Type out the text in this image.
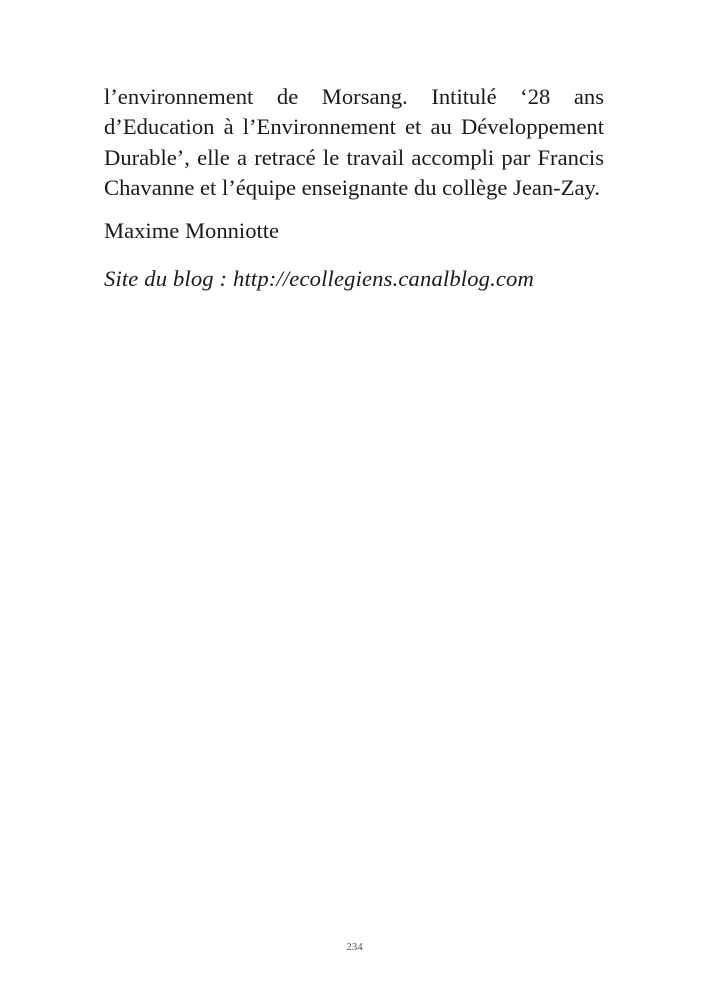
l’environnement de Morsang. Intitulé ‘28 ans d’Education à l’Environnement et au Développement Durable’, elle a retracé le travail accompli par Francis Chavanne et l’équipe enseignante du collège Jean-Zay.

Maxime Monniotte

Site du blog : http://ecollegiens.canalblog.com

234
